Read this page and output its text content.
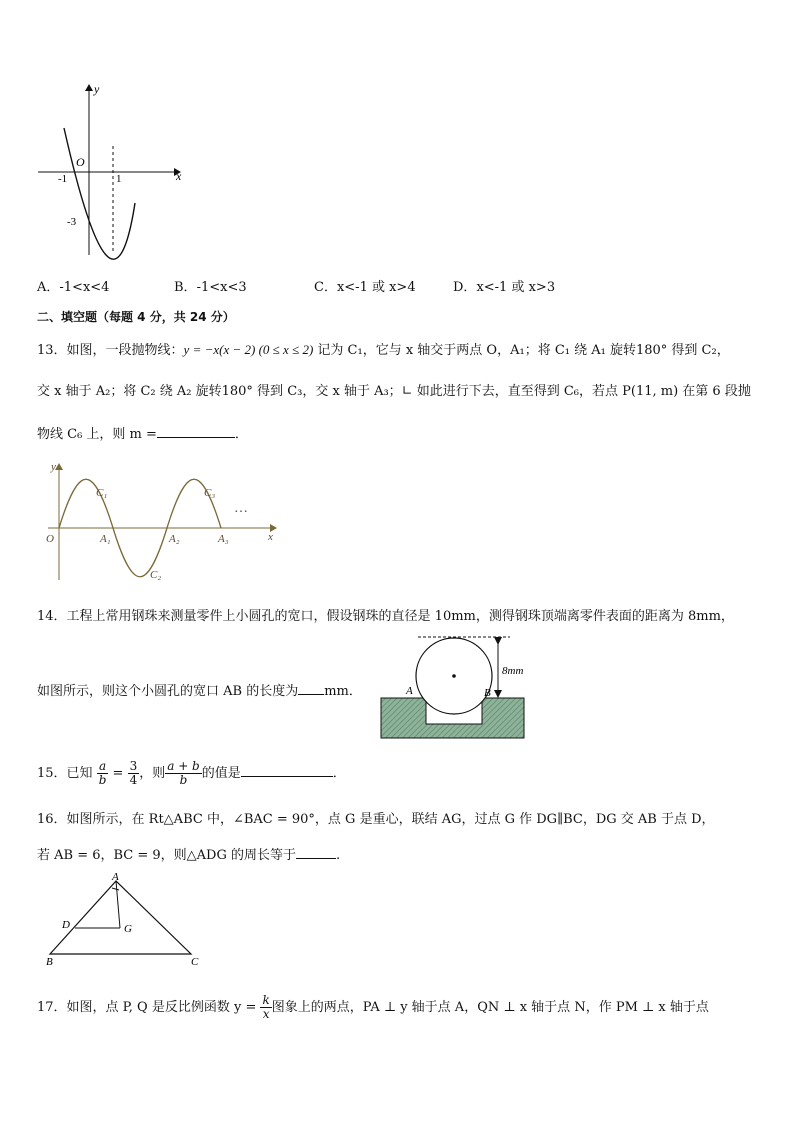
y
x
O
-1	1
-3
A．-1<x<4	B．-1<x<3	C．x<-1 或 x>4	D．x<-1 或 x>3
二、填空题（每题 4 分，共 24 分）
13．如图，一段抛物线：y = −x(x − 2) (0 ≤ x ≤ 2) 记为 C₁，它与 x 轴交于两点 O，A₁；将 C₁ 绕 A₁ 旋转180° 得到 C₂，
交 x 轴于 A₂；将 C₂ 绕 A₂ 旋转180° 得到 C₃，交 x 轴于 A₃；∟ 如此进行下去，直至得到 C₆，若点 P(11, m) 在第 6 段抛
物线 C₆ 上，则 m =	．
y
x
O
C₁
C₂
C₃
A₁	A₂	A₃
…
14．工程上常用钢珠来测量零件上小圆孔的宽口，假设钢珠的直径是 10mm，测得钢珠顶端离零件表面的距离为 8mm，
如图所示，则这个小圆孔的宽口 AB 的长度为 mm．	A	B
8mm
15．已知 $\frac{a}{b} = \frac{3}{4}$ ，则 $\frac{a + b}{b}$ 的值是	．
16．如图所示，在 Rt△ABC 中，∠BAC = 90°，点 G 是重心，联结 AG，过点 G 作 DG∥BC，DG 交 AB 于点 D，
若 AB = 6，BC = 9，则△ADG 的周长等于	.
A
B	C
D	G
17．如图，点 P, Q 是反比例函数 $y = \frac{k}{x}$ 图象上的两点，PA ⊥ y 轴于点 A，QN ⊥ x 轴于点 N，作 PM ⊥ x 轴于点
